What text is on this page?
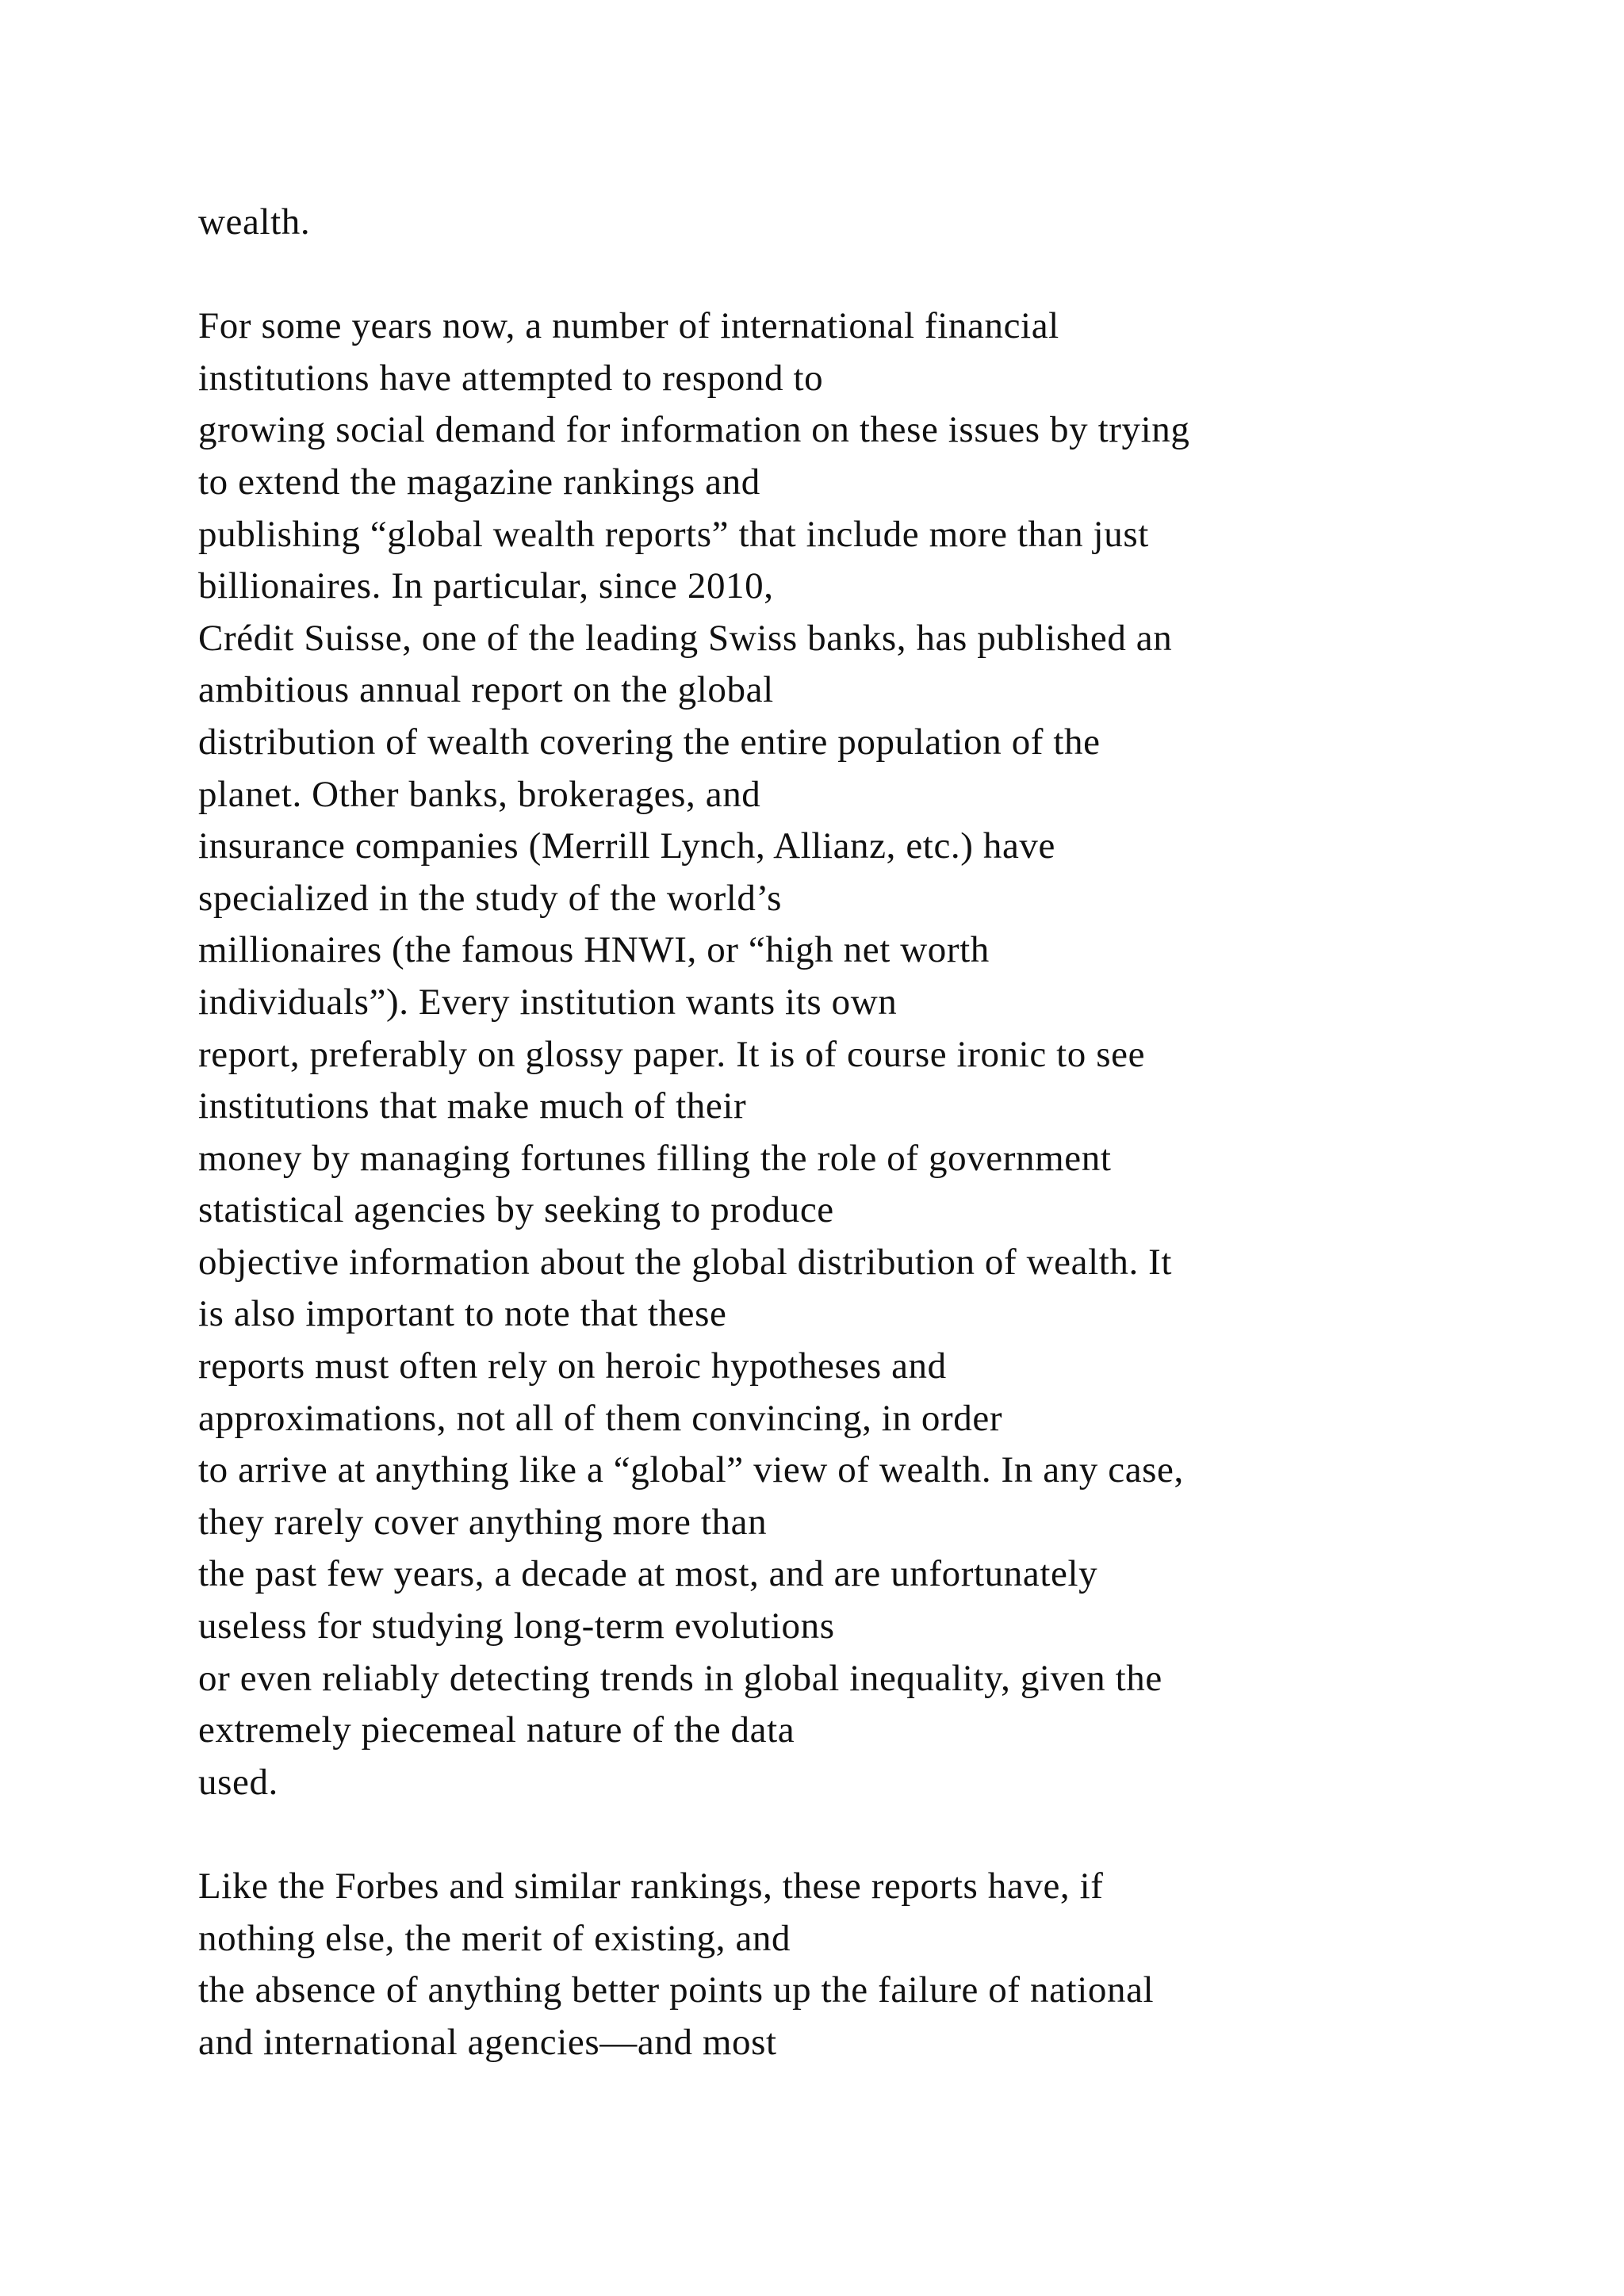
wealth.
For some years now, a number of international financial
institutions have attempted to respond to
growing social demand for information on these issues by trying
to extend the magazine rankings and
publishing “global wealth reports” that include more than just
billionaires. In particular, since 2010,
Crédit Suisse, one of the leading Swiss banks, has published an
ambitious annual report on the global
distribution of wealth covering the entire population of the
planet. Other banks, brokerages, and
insurance companies (Merrill Lynch, Allianz, etc.) have
specialized in the study of the world’s
millionaires (the famous HNWI, or “high net worth
individuals”). Every institution wants its own
report, preferably on glossy paper. It is of course ironic to see
institutions that make much of their
money by managing fortunes filling the role of government
statistical agencies by seeking to produce
objective information about the global distribution of wealth. It
is also important to note that these
reports must often rely on heroic hypotheses and
approximations, not all of them convincing, in order
to arrive at anything like a “global” view of wealth. In any case,
they rarely cover anything more than
the past few years, a decade at most, and are unfortunately
useless for studying long-term evolutions
or even reliably detecting trends in global inequality, given the
extremely piecemeal nature of the data
used.
Like the Forbes and similar rankings, these reports have, if
nothing else, the merit of existing, and
the absence of anything better points up the failure of national
and international agencies—and most
